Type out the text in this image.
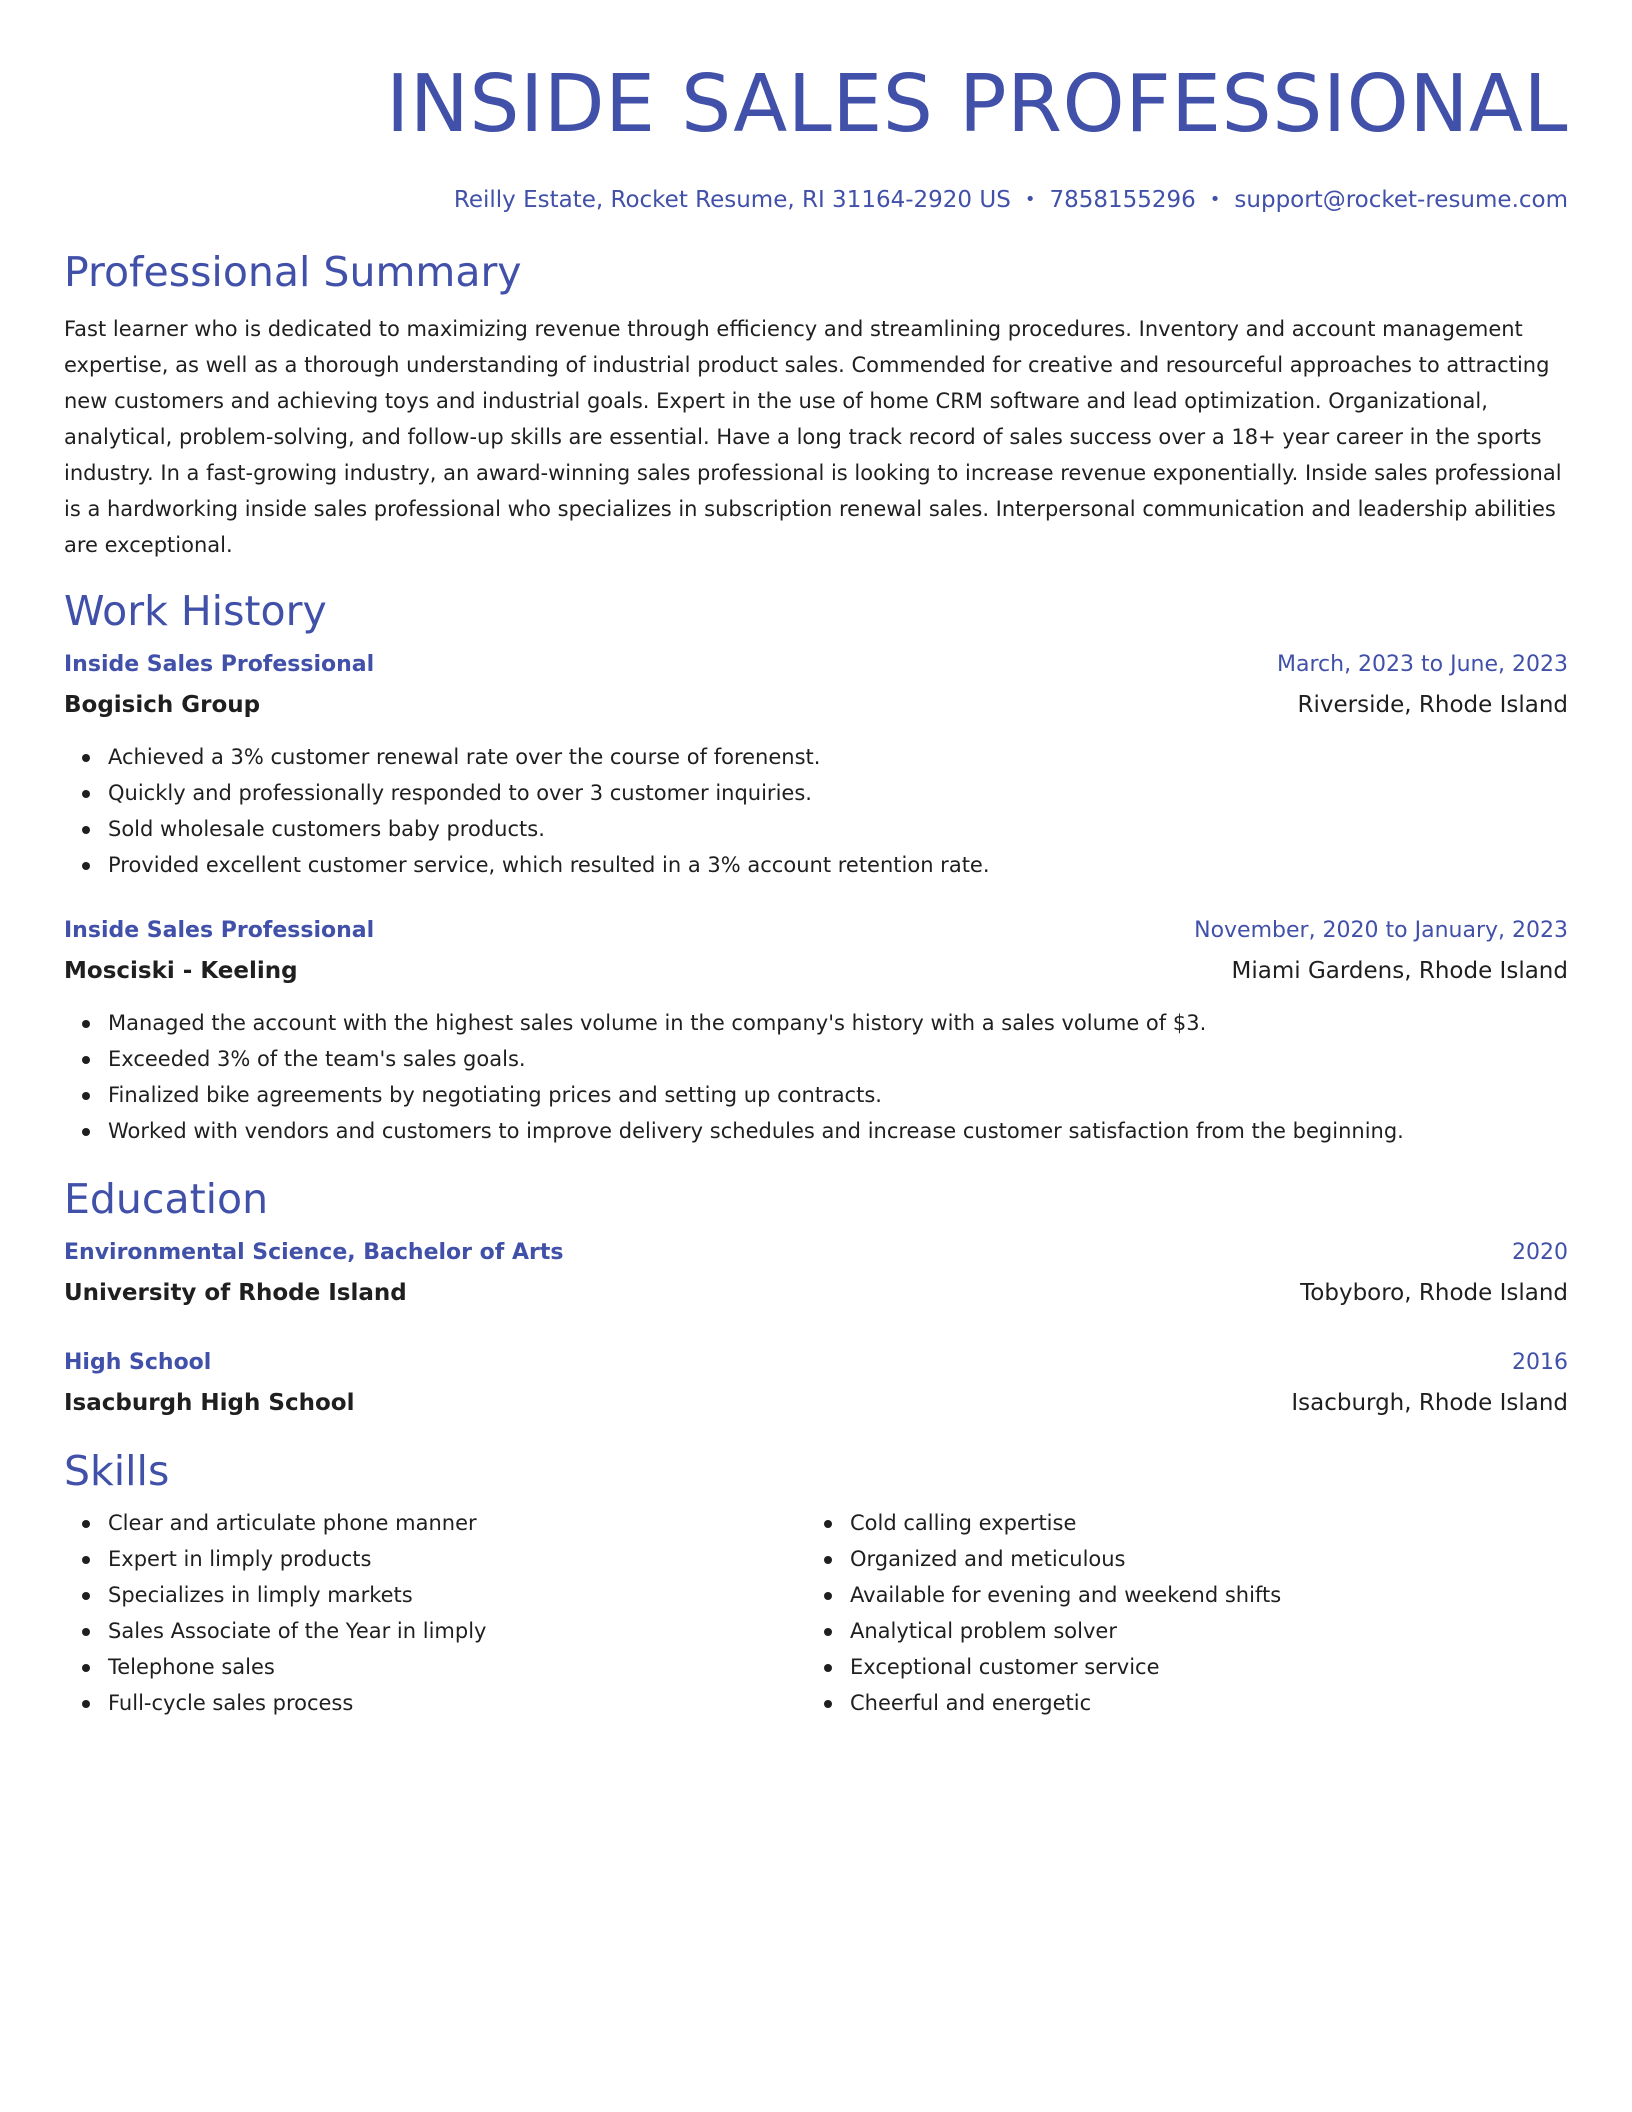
INSIDE SALES PROFESSIONAL
Reilly Estate, Rocket Resume, RI 31164-2920 US • 7858155296 • support@rocket-resume.com
Professional Summary
Fast learner who is dedicated to maximizing revenue through efficiency and streamlining procedures. Inventory and account management expertise, as well as a thorough understanding of industrial product sales. Commended for creative and resourceful approaches to attracting new customers and achieving toys and industrial goals. Expert in the use of home CRM software and lead optimization. Organizational, analytical, problem-solving, and follow-up skills are essential. Have a long track record of sales success over a 18+ year career in the sports industry. In a fast-growing industry, an award-winning sales professional is looking to increase revenue exponentially. Inside sales professional is a hardworking inside sales professional who specializes in subscription renewal sales. Interpersonal communication and leadership abilities are exceptional.
Work History
Inside Sales Professional	March, 2023 to June, 2023
Bogisich Group	Riverside, Rhode Island
Achieved a 3% customer renewal rate over the course of forenenst.
Quickly and professionally responded to over 3 customer inquiries.
Sold wholesale customers baby products.
Provided excellent customer service, which resulted in a 3% account retention rate.
Inside Sales Professional	November, 2020 to January, 2023
Mosciski - Keeling	Miami Gardens, Rhode Island
Managed the account with the highest sales volume in the company's history with a sales volume of $3.
Exceeded 3% of the team's sales goals.
Finalized bike agreements by negotiating prices and setting up contracts.
Worked with vendors and customers to improve delivery schedules and increase customer satisfaction from the beginning.
Education
Environmental Science, Bachelor of Arts	2020
University of Rhode Island	Tobyboro, Rhode Island
High School	2016
Isacburgh High School	Isacburgh, Rhode Island
Skills
Clear and articulate phone manner
Expert in limply products
Specializes in limply markets
Sales Associate of the Year in limply
Telephone sales
Full-cycle sales process
Cold calling expertise
Organized and meticulous
Available for evening and weekend shifts
Analytical problem solver
Exceptional customer service
Cheerful and energetic
